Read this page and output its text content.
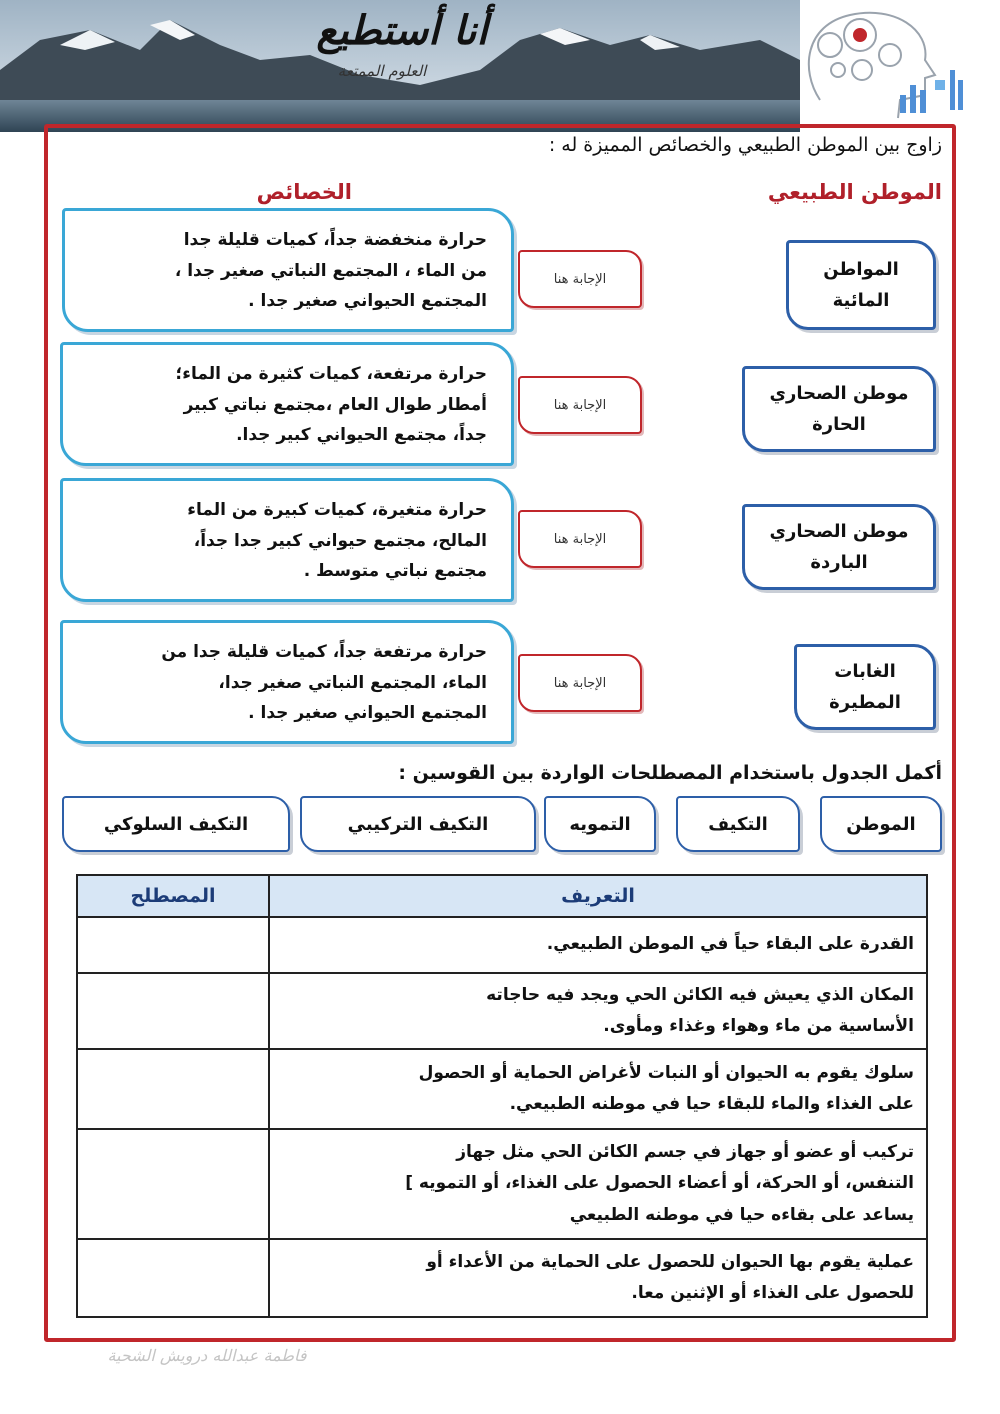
أنا أستطيع
العلوم الممتعة
زاوج بين الموطن الطبيعي والخصائص المميزة له :
الموطن الطبيعي
الخصائص
المواطن
المائية
الإجابة هنا
حرارة منخفضة جداً، كميات قليلة جدا
من الماء ، المجتمع النباتي صغير جدا ،
المجتمع الحيواني صغير جدا .
موطن الصحاري
الحارة
الإجابة هنا
حرارة مرتفعة، كميات كثيرة من الماء؛
أمطار طوال العام ،مجتمع نباتي كبير
جداً، مجتمع الحيواني كبير جدا.
موطن الصحاري
الباردة
الإجابة هنا
حرارة متغيرة، كميات كبيرة من الماء
المالح، مجتمع حيواني كبير جدا جداً،
مجتمع نباتي متوسط .
الغابات
المطيرة
الإجابة هنا
حرارة مرتفعة جداً، كميات قليلة جدا من
الماء، المجتمع النباتي صغير جدا،
المجتمع الحيواني صغير جدا .
أكمل الجدول باستخدام المصطلحات الواردة بين القوسين :
الموطن
التكيف
التمويه
التكيف التركيبي
التكيف السلوكي
التعريف	المصطلح

القدرة على البقاء حياً في الموطن الطبيعي.	

المكان الذي يعيش فيه الكائن الحي ويجد فيه حاجاته
الأساسية من ماء وهواء وغذاء ومأوى.	

سلوك يقوم به الحيوان أو النبات لأغراض الحماية أو الحصول
على الغذاء والماء للبقاء حيا في موطنه الطبيعي.	

تركيب أو عضو أو جهاز في جسم الكائن الحي مثل جهاز
التنفس، أو الحركة، أو أعضاء الحصول على الغذاء، أو التمويه ]
يساعد على بقاءه حيا في موطنه الطبيعي	

عملية يقوم بها الحيوان للحصول على الحماية من الأعداء أو
للحصول على الغذاء أو الإثنين معا.	

فاطمة عبدالله درويش الشحية
